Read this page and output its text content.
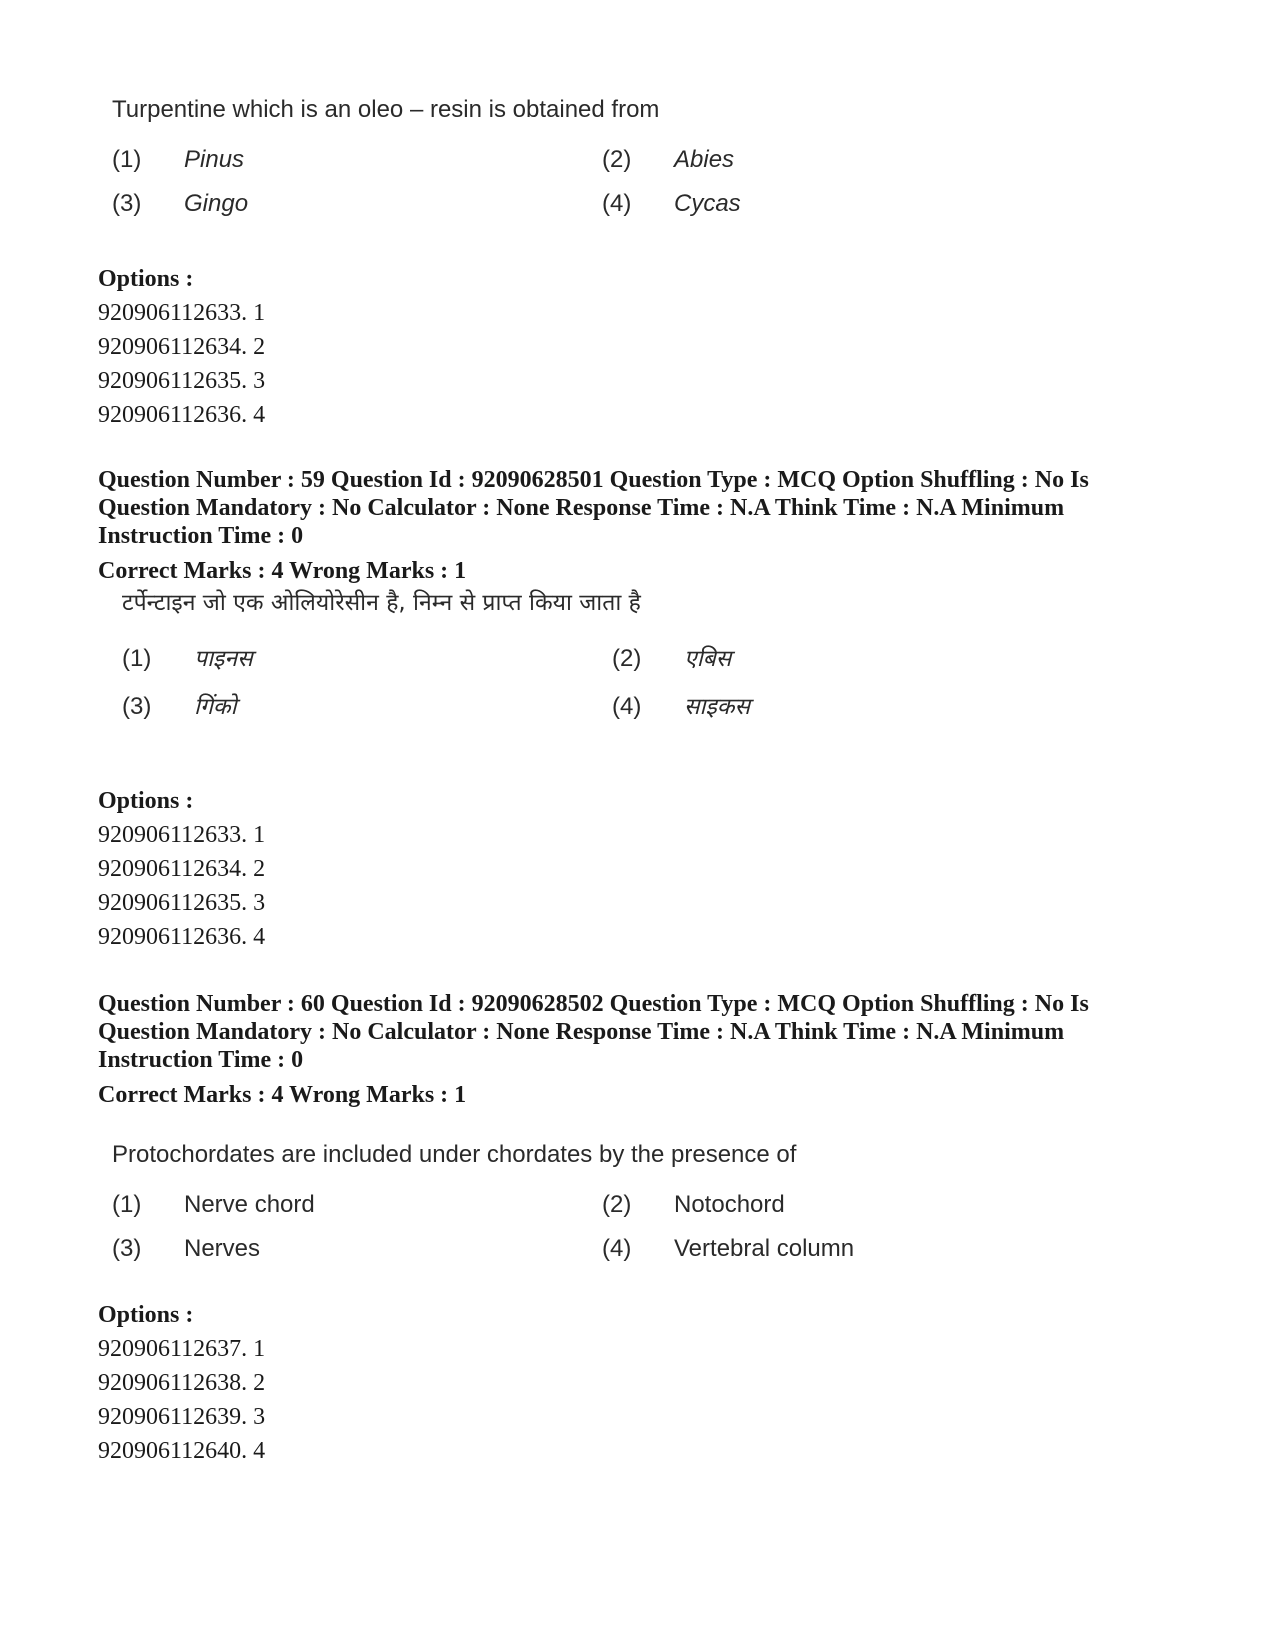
Turpentine which is an oleo – resin is obtained from

(1)	Pinus	(2)	Abies
(3)	Gingo	(4)	Cycas
Options :
920906112633. 1
920906112634. 2
920906112635. 3
920906112636. 4
Question Number : 59 Question Id : 92090628501 Question Type : MCQ Option Shuffling : No Is Question Mandatory : No Calculator : None Response Time : N.A Think Time : N.A Minimum Instruction Time : 0
Correct Marks : 4 Wrong Marks : 1

टर्पेन्टाइन जो एक ओलियोरेसीन है, निम्न से प्राप्त किया जाता है

(1)	पाइनस	(2)	एबिस
(3)	गिंको	(4)	साइकस
Options :
920906112633. 1
920906112634. 2
920906112635. 3
920906112636. 4
Question Number : 60 Question Id : 92090628502 Question Type : MCQ Option Shuffling : No Is Question Mandatory : No Calculator : None Response Time : N.A Think Time : N.A Minimum Instruction Time : 0
Correct Marks : 4 Wrong Marks : 1

Protochordates are included under chordates by the presence of

(1)	Nerve chord	(2)	Notochord
(3)	Nerves	(4)	Vertebral column
Options :
920906112637. 1
920906112638. 2
920906112639. 3
920906112640. 4
